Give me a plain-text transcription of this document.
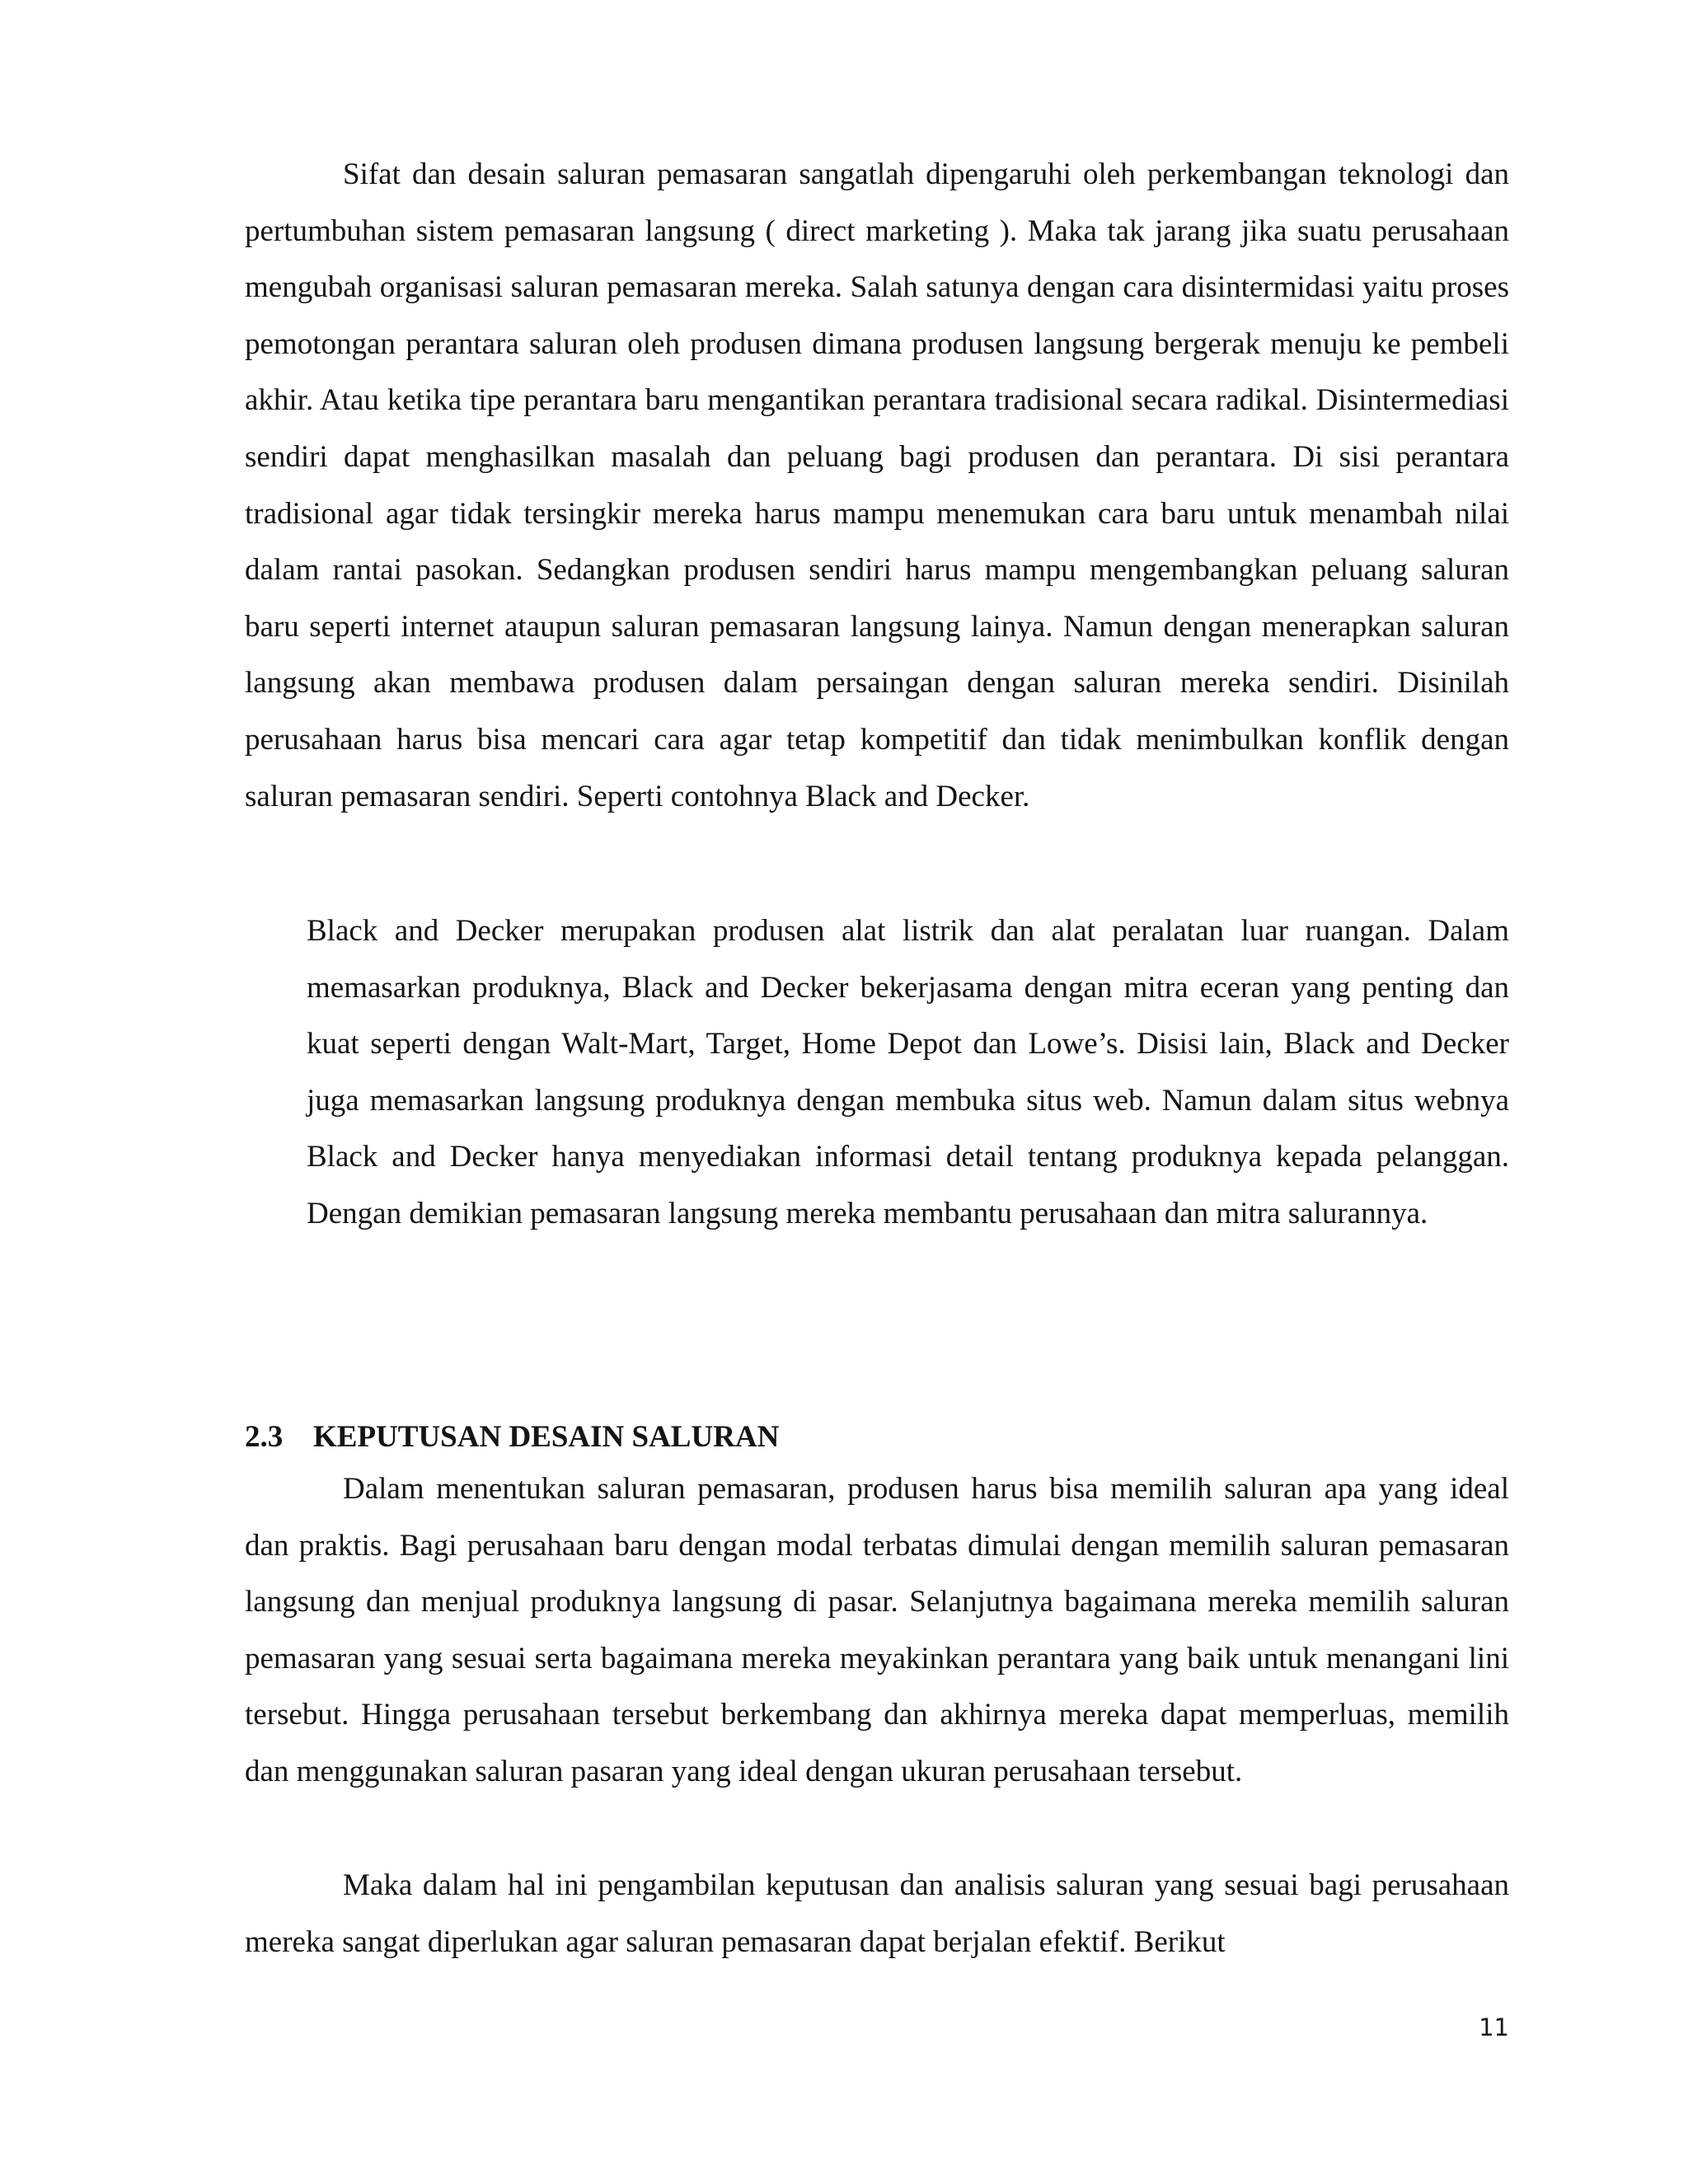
Sifat dan desain saluran pemasaran sangatlah dipengaruhi oleh perkembangan teknologi dan pertumbuhan sistem pemasaran langsung ( direct marketing ). Maka tak jarang jika suatu perusahaan mengubah organisasi saluran pemasaran mereka. Salah satunya dengan cara disintermidasi yaitu proses pemotongan perantara saluran oleh produsen dimana produsen langsung bergerak menuju ke pembeli akhir. Atau ketika tipe perantara baru mengantikan perantara tradisional secara radikal. Disintermediasi sendiri dapat menghasilkan masalah dan peluang bagi produsen dan perantara. Di sisi perantara tradisional agar tidak tersingkir mereka harus mampu menemukan cara baru untuk menambah nilai dalam rantai pasokan. Sedangkan produsen sendiri harus mampu mengembangkan peluang saluran baru seperti internet ataupun saluran pemasaran langsung lainya. Namun dengan menerapkan saluran langsung akan membawa produsen dalam persaingan dengan saluran mereka sendiri. Disinilah perusahaan harus bisa mencari cara agar tetap kompetitif dan tidak menimbulkan konflik dengan saluran pemasaran sendiri. Seperti contohnya Black and Decker.

Black and Decker merupakan produsen alat listrik dan alat peralatan luar ruangan. Dalam memasarkan produknya, Black and Decker bekerjasama dengan mitra eceran yang penting dan kuat seperti dengan Walt-Mart, Target, Home Depot dan Lowe’s. Disisi lain, Black and Decker juga memasarkan langsung produknya dengan membuka situs web. Namun dalam situs webnya Black and Decker hanya menyediakan informasi detail tentang produknya kepada pelanggan. Dengan demikian pemasaran langsung mereka membantu perusahaan dan mitra salurannya.

2.3 KEPUTUSAN DESAIN SALURAN

Dalam menentukan saluran pemasaran, produsen harus bisa memilih saluran apa yang ideal dan praktis. Bagi perusahaan baru dengan modal terbatas dimulai dengan memilih saluran pemasaran langsung dan menjual produknya langsung di pasar. Selanjutnya bagaimana mereka memilih saluran pemasaran yang sesuai serta bagaimana mereka meyakinkan perantara yang baik untuk menangani lini tersebut. Hingga perusahaan tersebut berkembang dan akhirnya mereka dapat memperluas, memilih dan menggunakan saluran pasaran yang ideal dengan ukuran perusahaan tersebut.

Maka dalam hal ini pengambilan keputusan dan analisis saluran yang sesuai bagi perusahaan mereka sangat diperlukan agar saluran pemasaran dapat berjalan efektif. Berikut

11
